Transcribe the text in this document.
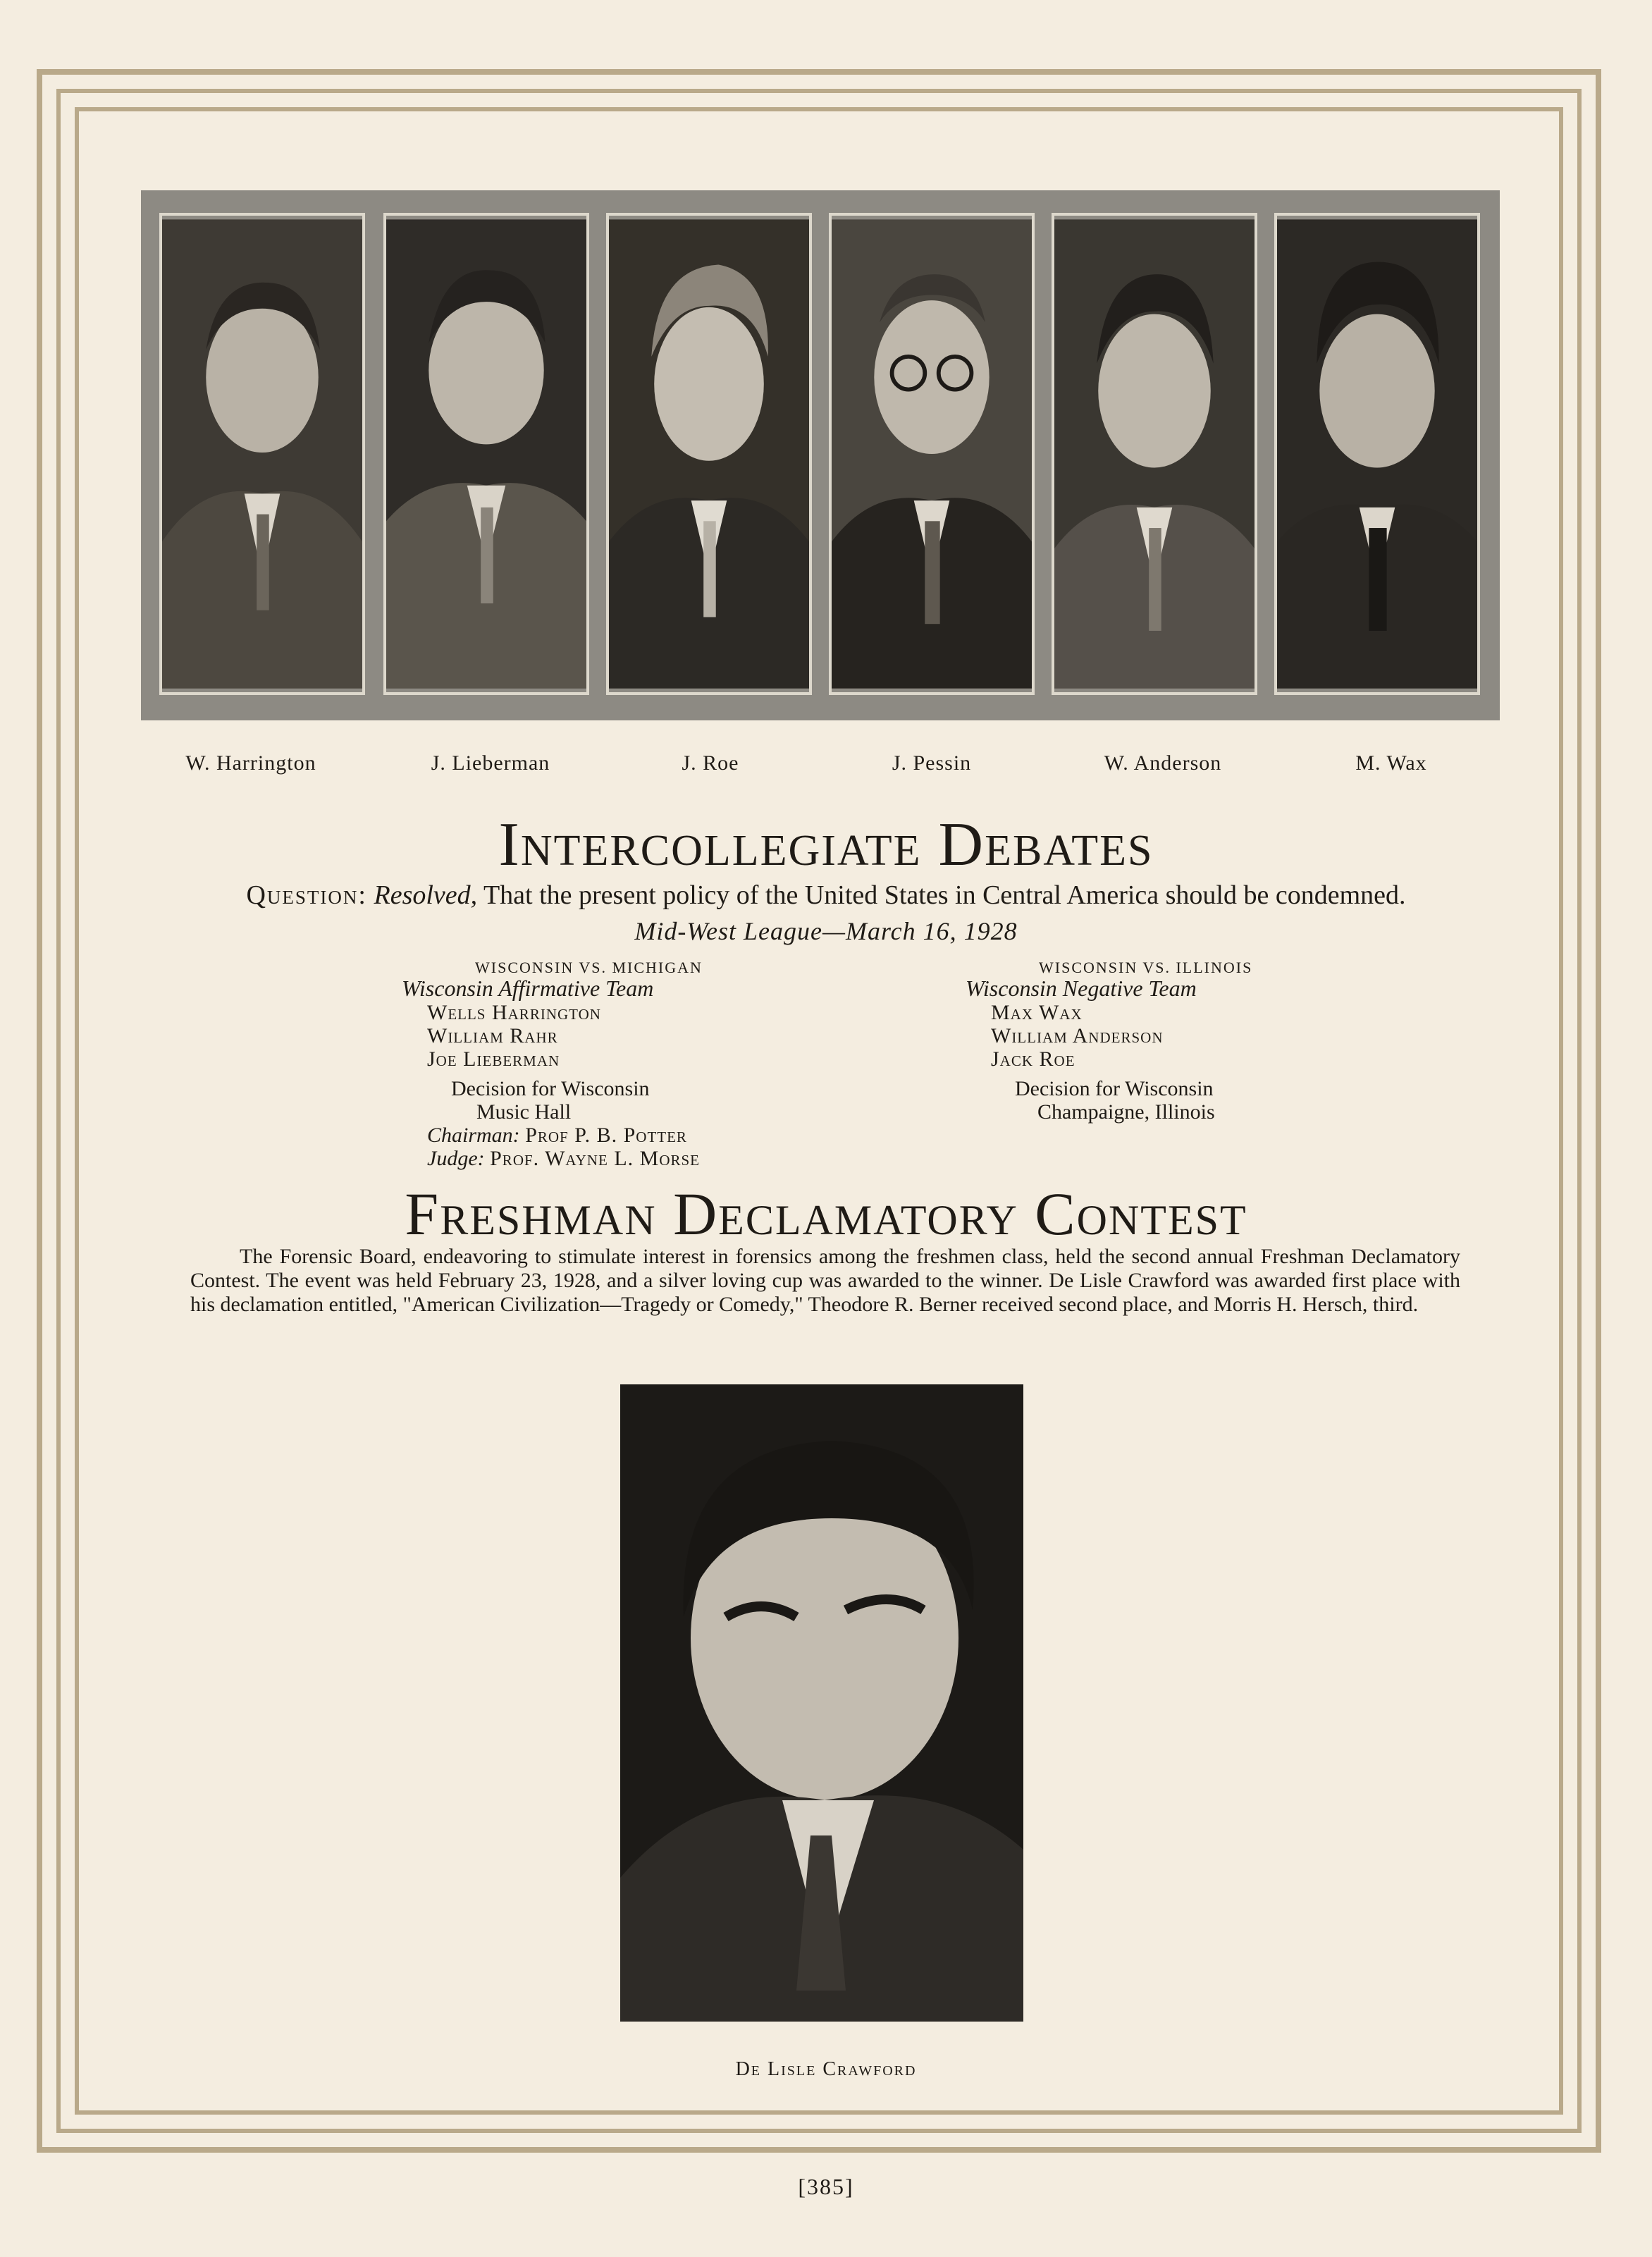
W. Harrington	J. Lieberman	J. Roe	J. Pessin	W. Anderson	M. Wax
Intercollegiate Debates
Question: Resolved, That the present policy of the United States in Central America should be condemned.
Mid-West League—March 16, 1928
WISCONSIN VS. MICHIGAN
Wisconsin Affirmative Team
Wells Harrington
William Rahr
Joe Lieberman
Decision for Wisconsin
Music Hall
Chairman: Prof P. B. Potter
Judge: Prof. Wayne L. Morse
WISCONSIN VS. ILLINOIS
Wisconsin Negative Team
Max Wax
William Anderson
Jack Roe
Decision for Wisconsin
Champaigne, Illinois
Freshman Declamatory Contest
The Forensic Board, endeavoring to stimulate interest in forensics among the freshmen class, held the second annual Freshman Declamatory Contest. The event was held February 23, 1928, and a silver loving cup was awarded to the winner. De Lisle Crawford was awarded first place with his declamation entitled, "American Civilization—Tragedy or Comedy," Theodore R. Berner received second place, and Morris H. Hersch, third.
De Lisle Crawford
[385]
